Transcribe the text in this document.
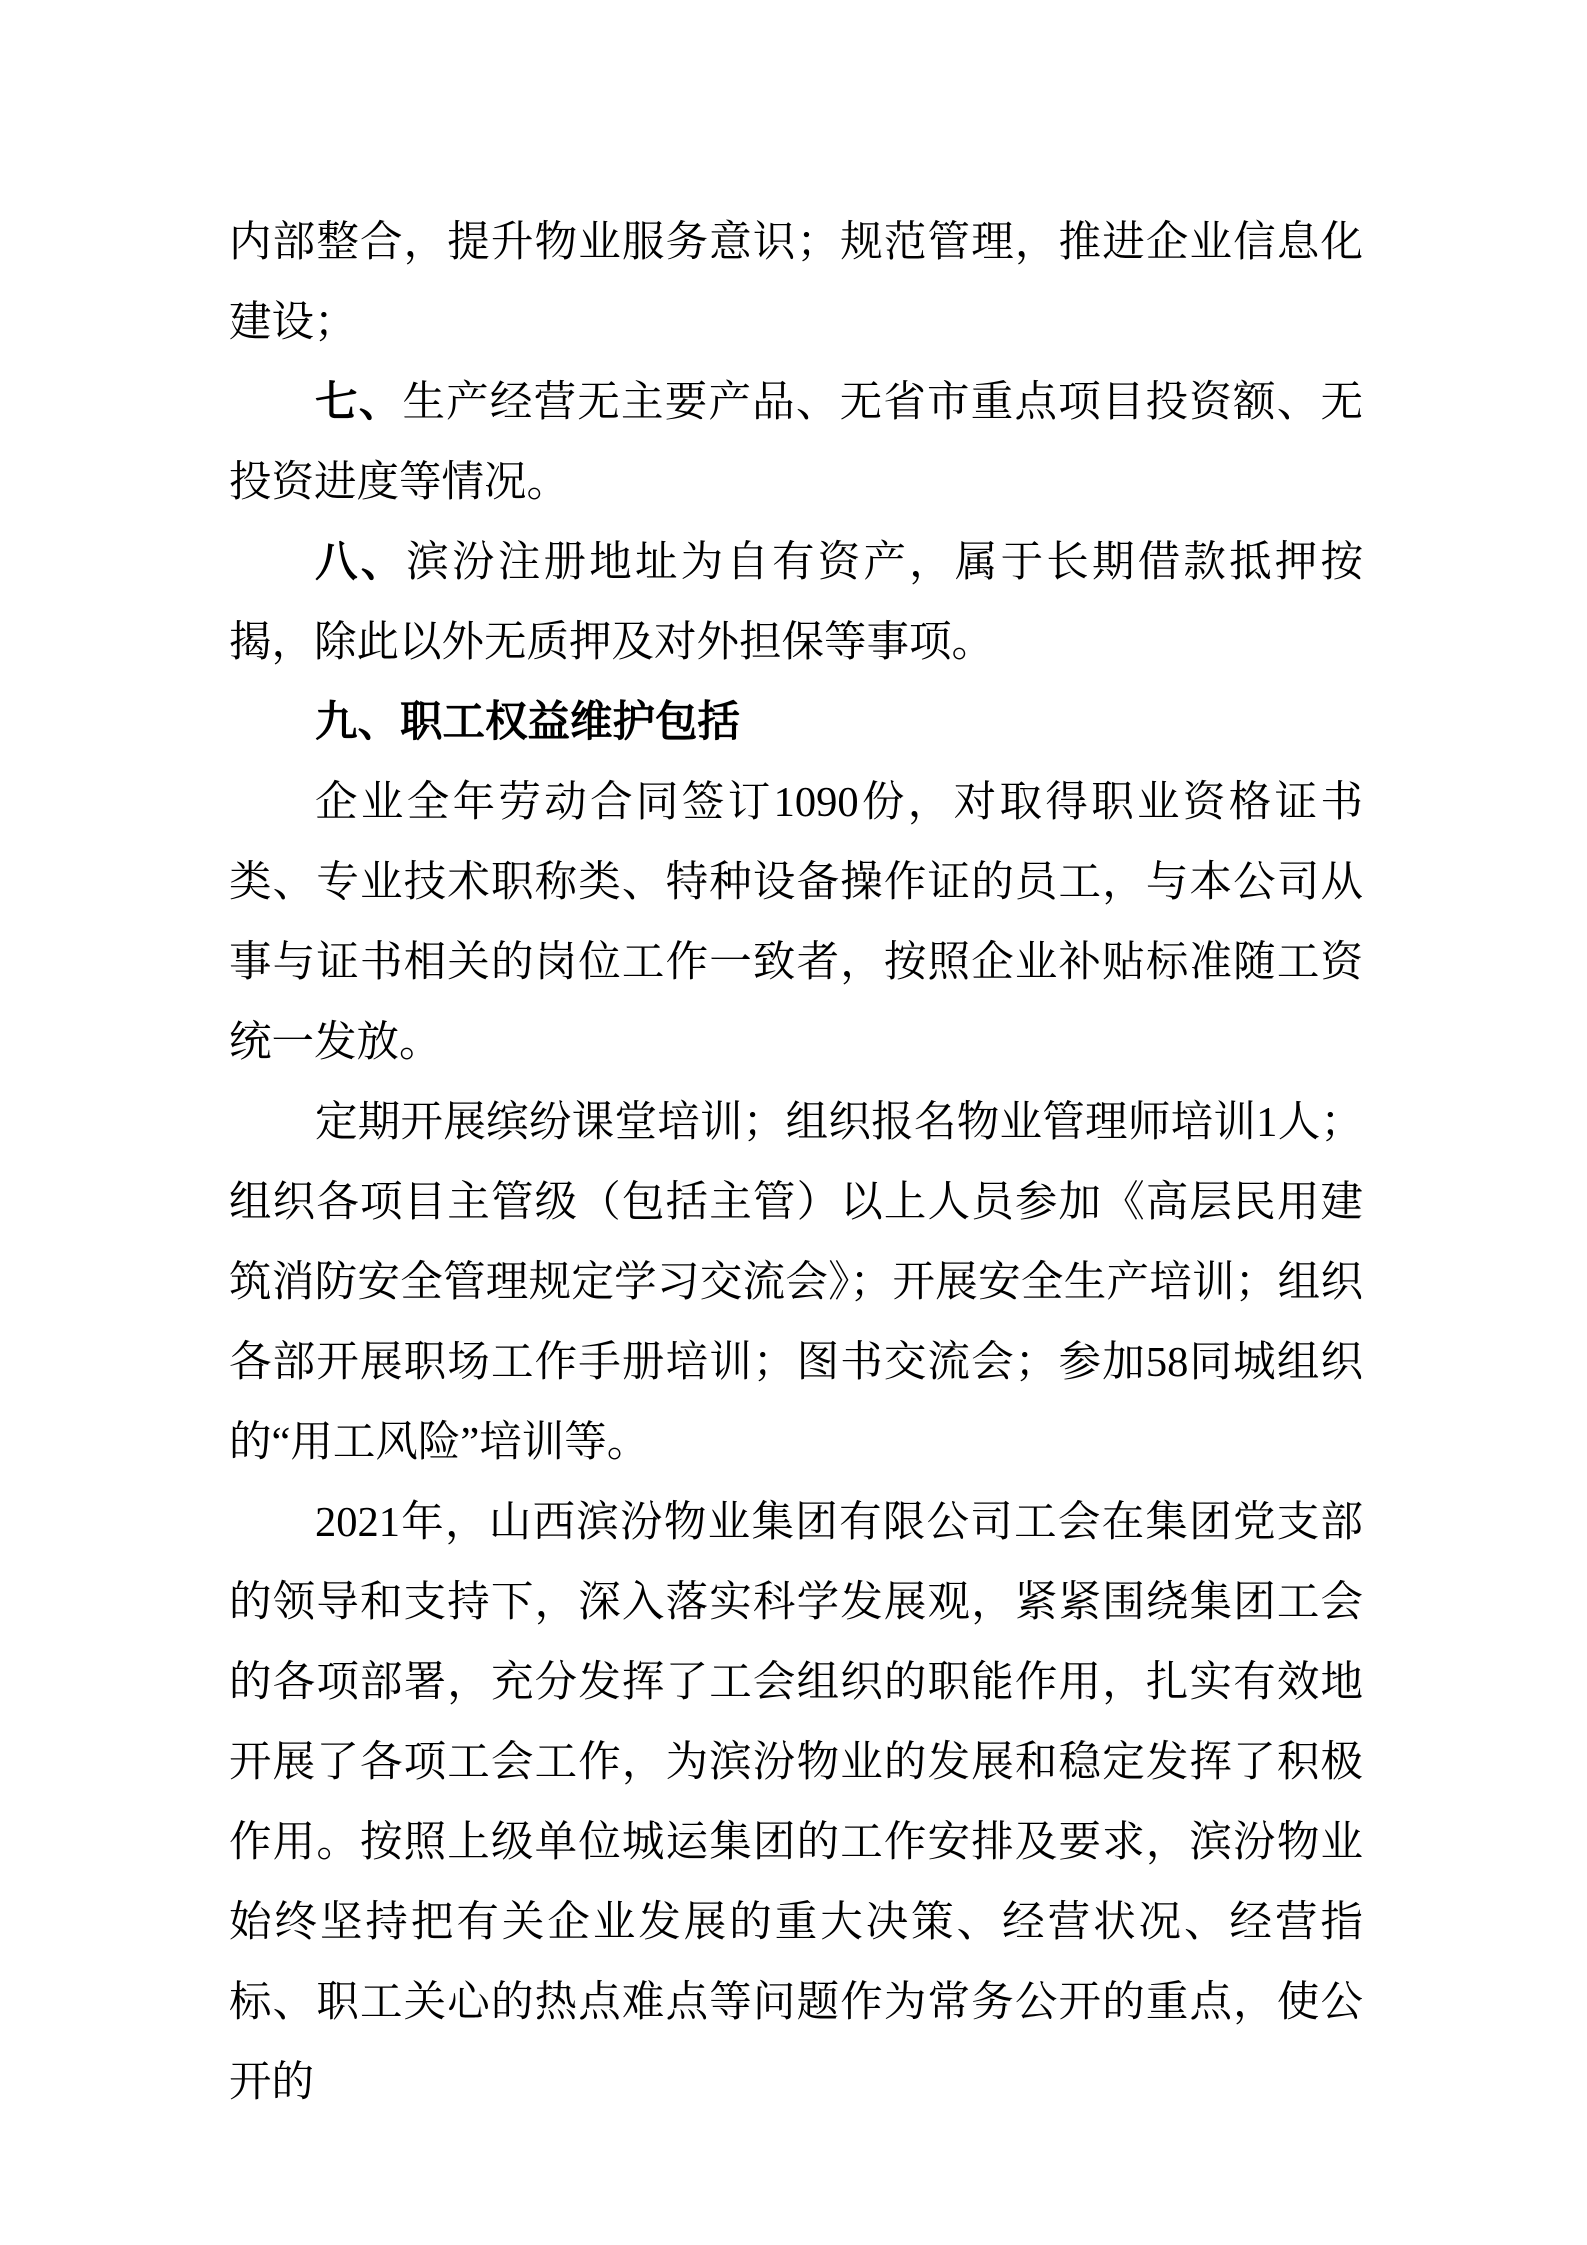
内部整合，提升物业服务意识；规范管理，推进企业信息化建设；

七、生产经营无主要产品、无省市重点项目投资额、无投资进度等情况。

八、滨汾注册地址为自有资产，属于长期借款抵押按揭，除此以外无质押及对外担保等事项。

九、职工权益维护包括

企业全年劳动合同签订1090份，对取得职业资格证书类、专业技术职称类、特种设备操作证的员工，与本公司从事与证书相关的岗位工作一致者，按照企业补贴标准随工资统一发放。

定期开展缤纷课堂培训；组织报名物业管理师培训1人；组织各项目主管级（包括主管）以上人员参加《高层民用建筑消防安全管理规定学习交流会》；开展安全生产培训；组织各部开展职场工作手册培训；图书交流会；参加58同城组织的“用工风险”培训等。

2021年，山西滨汾物业集团有限公司工会在集团党支部的领导和支持下，深入落实科学发展观，紧紧围绕集团工会的各项部署，充分发挥了工会组织的职能作用，扎实有效地开展了各项工会工作，为滨汾物业的发展和稳定发挥了积极作用。按照上级单位城运集团的工作安排及要求，滨汾物业始终坚持把有关企业发展的重大决策、经营状况、经营指标、职工关心的热点难点等问题作为常务公开的重点，使公开的
